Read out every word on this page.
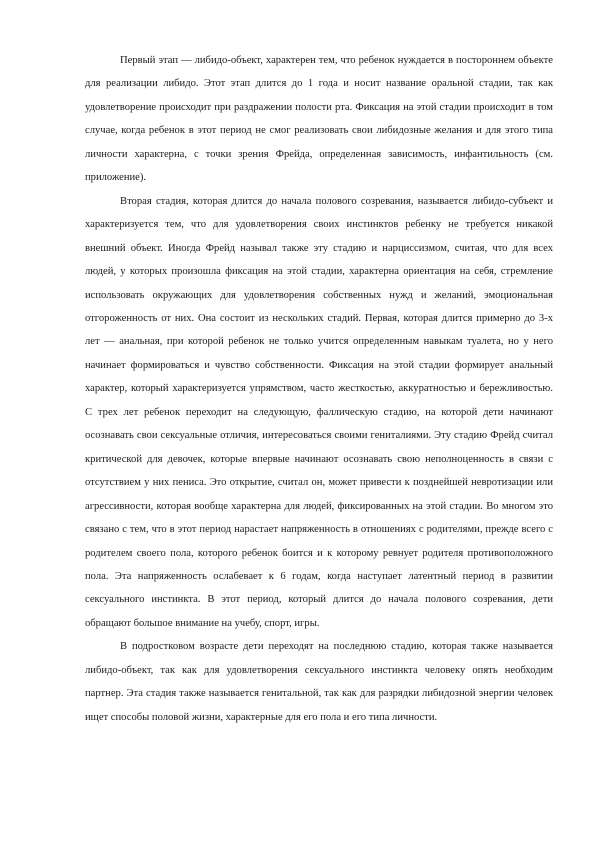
Первый этап — либидо-объект, характерен тем, что ребенок нуждается в постороннем объекте для реализации либидо. Этот этап длится до 1 года и носит название оральной стадии, так как удовлетворение происходит при раздражении полости рта. Фиксация на этой стадии происходит в том случае, когда ребенок в этот период не смог реализовать свои либидозные желания и для этого типа личности характерна, с точки зрения Фрейда, определенная зависимость, инфантильность (см. приложение).

Вторая стадия, которая длится до начала полового созревания, называется либидо-субъект и характеризуется тем, что для удовлетворения своих инстинктов ребенку не требуется никакой внешний объект. Иногда Фрейд называл также эту стадию и нарциссизмом, считая, что для всех людей, у которых произошла фиксация на этой стадии, характерна ориентация на себя, стремление использовать окружающих для удовлетворения собственных нужд и желаний, эмоциональная отгороженность от них. Она состоит из нескольких стадий. Первая, которая длится примерно до 3-х лет — анальная, при которой ребенок не только учится определенным навыкам туалета, но у него начинает формироваться и чувство собственности. Фиксация на этой стадии формирует анальный характер, который характеризуется упрямством, часто жесткостью, аккуратностью и бережливостью. С трех лет ребенок переходит на следующую, фаллическую стадию, на которой дети начинают осознавать свои сексуальные отличия, интересоваться своими гениталиями. Эту стадию Фрейд считал критической для девочек, которые впервые начинают осознавать свою неполноценность в связи с отсутствием у них пениса. Это открытие, считал он, может привести к позднейшей невротизации или агрессивности, которая вообще характерна для людей, фиксированных на этой стадии. Во многом это связано с тем, что в этот период нарастает напряженность в отношениях с родителями, прежде всего с родителем своего пола, которого ребенок боится и к которому ревнует родителя противоположного пола. Эта напряженность ослабевает к 6 годам, когда наступает латентный период в развитии сексуального инстинкта. В этот период, который длится до начала полового созревания, дети обращают большое внимание на учебу, спорт, игры.

В подростковом возрасте дети переходят на последнюю стадию, которая также называется либидо-объект, так как для удовлетворения сексуального инстинкта человеку опять необходим партнер. Эта стадия также называется генитальной, так как для разрядки либидозной энергии человек ищет способы половой жизни, характерные для его пола и его типа личности.
